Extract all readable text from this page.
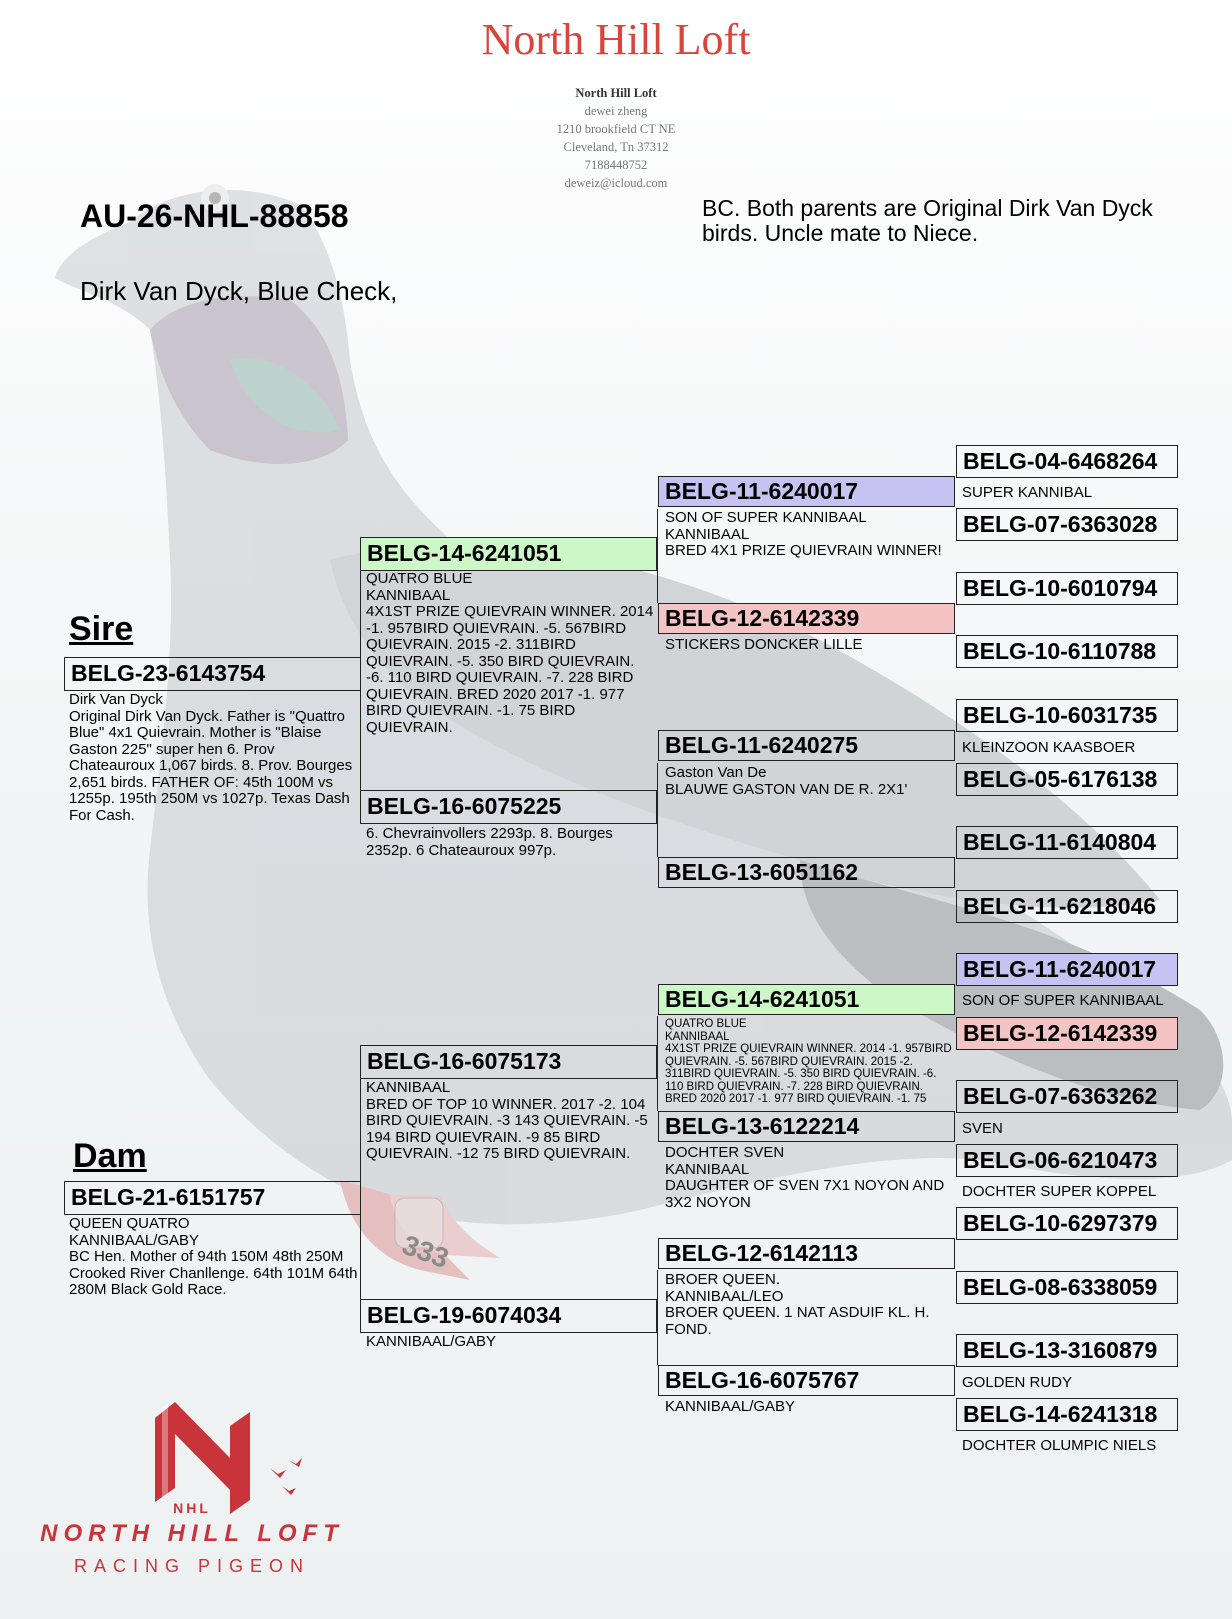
333
North Hill Loft
North Hill Loft
dewei zheng
1210 brookfield CT NE
Cleveland, Tn 37312
7188448752
deweiz@icloud.com
AU-26-NHL-88858
Dirk Van Dyck, Blue Check,
BC. Both parents are Original Dirk Van Dyck birds. Uncle mate to Niece.
Sire
BELG-23-6143754
Dirk Van Dyck
Original Dirk Van Dyck. Father is "Quattro Blue" 4x1 Quievrain. Mother is "Blaise Gaston 225" super hen 6. Prov Chateauroux 1,067 birds. 8. Prov. Bourges 2,651 birds. FATHER OF: 45th 100M vs 1255p. 195th 250M vs 1027p. Texas Dash For Cash.
Dam
BELG-21-6151757
QUEEN QUATRO
KANNIBAAL/GABY
BC Hen. Mother of 94th 150M 48th 250M Crooked River Chanllenge. 64th 101M 64th 280M Black Gold Race.
BELG-14-6241051
QUATRO BLUE
KANNIBAAL
4X1ST PRIZE QUIEVRAIN WINNER. 2014 -1. 957BIRD QUIEVRAIN. -5. 567BIRD QUIEVRAIN. 2015 -2. 311BIRD QUIEVRAIN. -5. 350 BIRD QUIEVRAIN. -6. 110 BIRD QUIEVRAIN. -7. 228 BIRD QUIEVRAIN. BRED 2020 2017 -1. 977 BIRD QUIEVRAIN. -1. 75 BIRD QUIEVRAIN.
BELG-16-6075225
6. Chevrainvollers 2293p. 8. Bourges 2352p. 6 Chateauroux 997p.
BELG-16-6075173
KANNIBAAL
BRED OF TOP 10 WINNER. 2017 -2. 104 BIRD QUIEVRAIN. -3 143 QUIEVRAIN. -5 194 BIRD QUIEVRAIN. -9 85 BIRD QUIEVRAIN. -12 75 BIRD QUIEVRAIN.
BELG-19-6074034
KANNIBAAL/GABY
BELG-11-6240017
SON OF SUPER KANNIBAAL
KANNIBAAL
BRED 4X1 PRIZE QUIEVRAIN WINNER!
BELG-12-6142339
STICKERS DONCKER LILLE
BELG-11-6240275
Gaston Van De
BLAUWE GASTON VAN DE R. 2X1'
BELG-13-6051162
BELG-14-6241051
QUATRO BLUE
KANNIBAAL
4X1ST PRIZE QUIEVRAIN WINNER. 2014 -1. 957BIRD QUIEVRAIN. -5. 567BIRD QUIEVRAIN. 2015 -2. 311BIRD QUIEVRAIN. -5. 350 BIRD QUIEVRAIN. -6. 110 BIRD QUIEVRAIN. -7. 228 BIRD QUIEVRAIN. BRED 2020 2017 -1. 977 BIRD QUIEVRAIN. -1. 75
BELG-13-6122214
DOCHTER SVEN
KANNIBAAL
DAUGHTER OF SVEN 7X1 NOYON AND 3X2 NOYON
BELG-12-6142113
BROER QUEEN.
KANNIBAAL/LEO
BROER QUEEN. 1 NAT ASDUIF KL. H. FOND.
BELG-16-6075767
KANNIBAAL/GABY
BELG-04-6468264
SUPER KANNIBAL
BELG-07-6363028
BELG-10-6010794
BELG-10-6110788
BELG-10-6031735
KLEINZOON KAASBOER
BELG-05-6176138
BELG-11-6140804
BELG-11-6218046
BELG-11-6240017
SON OF SUPER KANNIBAAL
BELG-12-6142339
BELG-07-6363262
SVEN
BELG-06-6210473
DOCHTER SUPER KOPPEL
BELG-10-6297379
BELG-08-6338059
BELG-13-3160879
GOLDEN RUDY
BELG-14-6241318
DOCHTER OLUMPIC NIELS
NHL
NORTH HILL LOFT
RACING PIGEON
